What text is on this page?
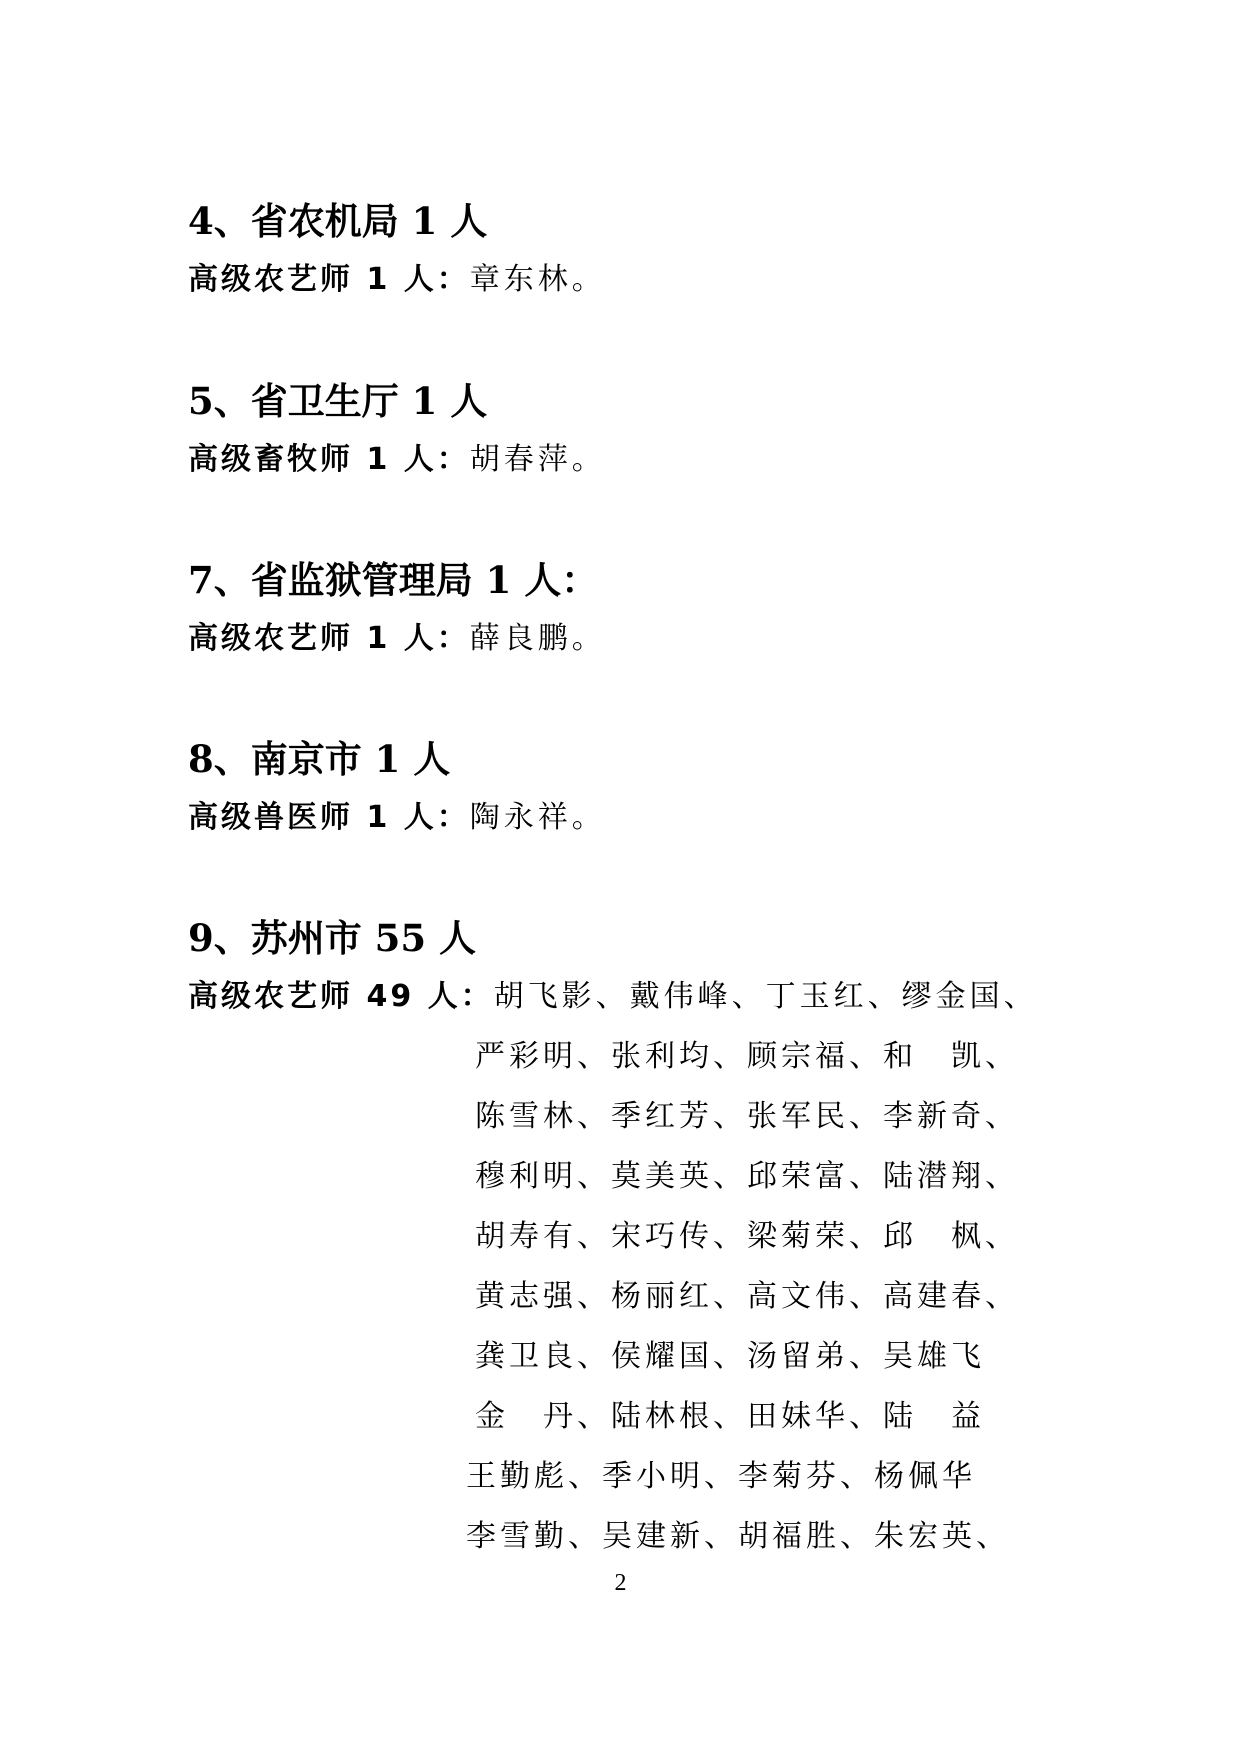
4、省农机局 1 人
高级农艺师 1 人：章东林。
5、省卫生厅 1 人
高级畜牧师 1 人：胡春萍。
7、省监狱管理局 1 人：
高级农艺师 1 人：薛良鹏。
8、南京市 1 人
高级兽医师 1 人：陶永祥。
9、苏州市 55 人
高级农艺师 49 人：胡飞影、戴伟峰、丁玉红、缪金国、
严彩明、张利均、顾宗福、和　凯、
陈雪林、季红芳、张军民、李新奇、
穆利明、莫美英、邱荣富、陆潜翔、
胡寿有、宋巧传、梁菊荣、邱　枫、
黄志强、杨丽红、高文伟、高建春、
龚卫良、侯耀国、汤留弟、吴雄飞
金　丹、陆林根、田妹华、陆　益
王勤彪、季小明、李菊芬、杨佩华
李雪勤、吴建新、胡福胜、朱宏英、
2
